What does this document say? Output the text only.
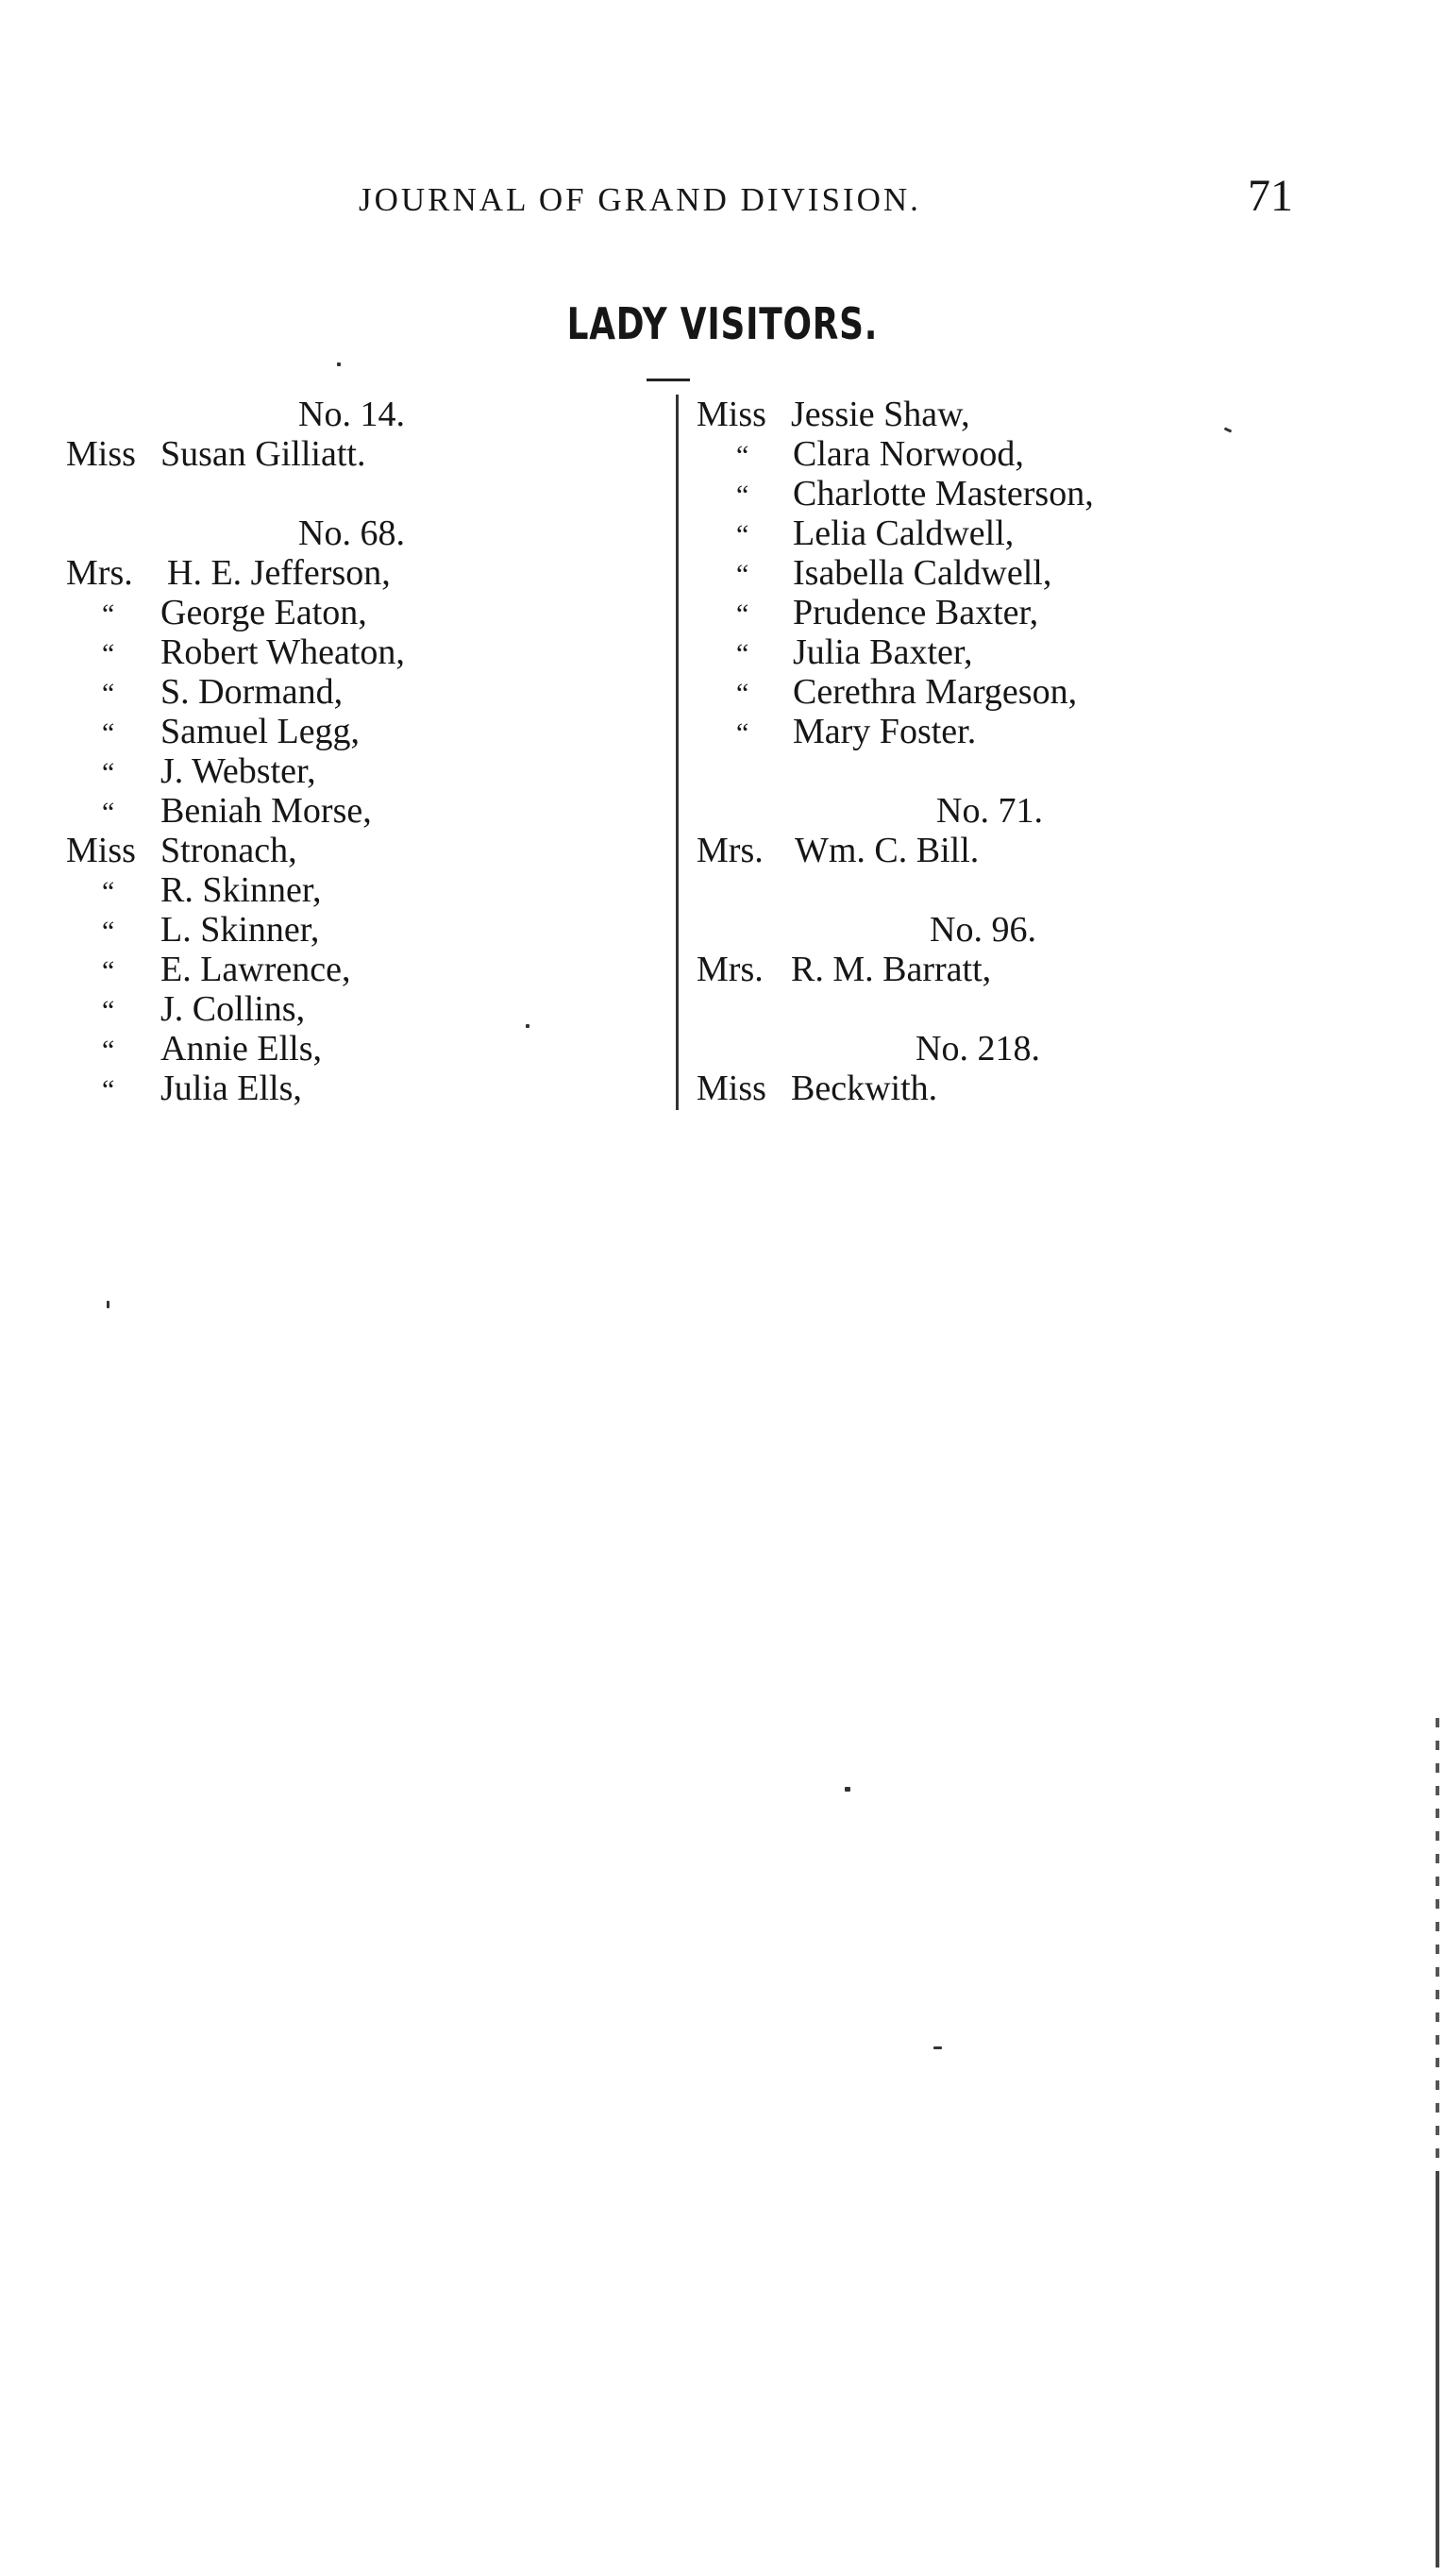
JOURNAL OF GRAND DIVISION.	71
LADY VISITORS.
No. 14.
Miss Susan Gilliatt.
No. 68.
Mrs. H. E. Jefferson,
“ George Eaton,
“ Robert Wheaton,
“ S. Dormand,
“ Samuel Legg,
“ J. Webster,
“ Beniah Morse,
Miss Stronach,
“ R. Skinner,
“ L. Skinner,
“ E. Lawrence,
“ J. Collins,
“ Annie Ells,
“ Julia Ells,
Miss Jessie Shaw,
“ Clara Norwood,
“ Charlotte Masterson,
“ Lelia Caldwell,
“ Isabella Caldwell,
“ Prudence Baxter,
“ Julia Baxter,
“ Cerethra Margeson,
“ Mary Foster.
No. 71.
Mrs. Wm. C. Bill.
No. 96.
Mrs. R. M. Barratt,
No. 218.
Miss Beckwith.
